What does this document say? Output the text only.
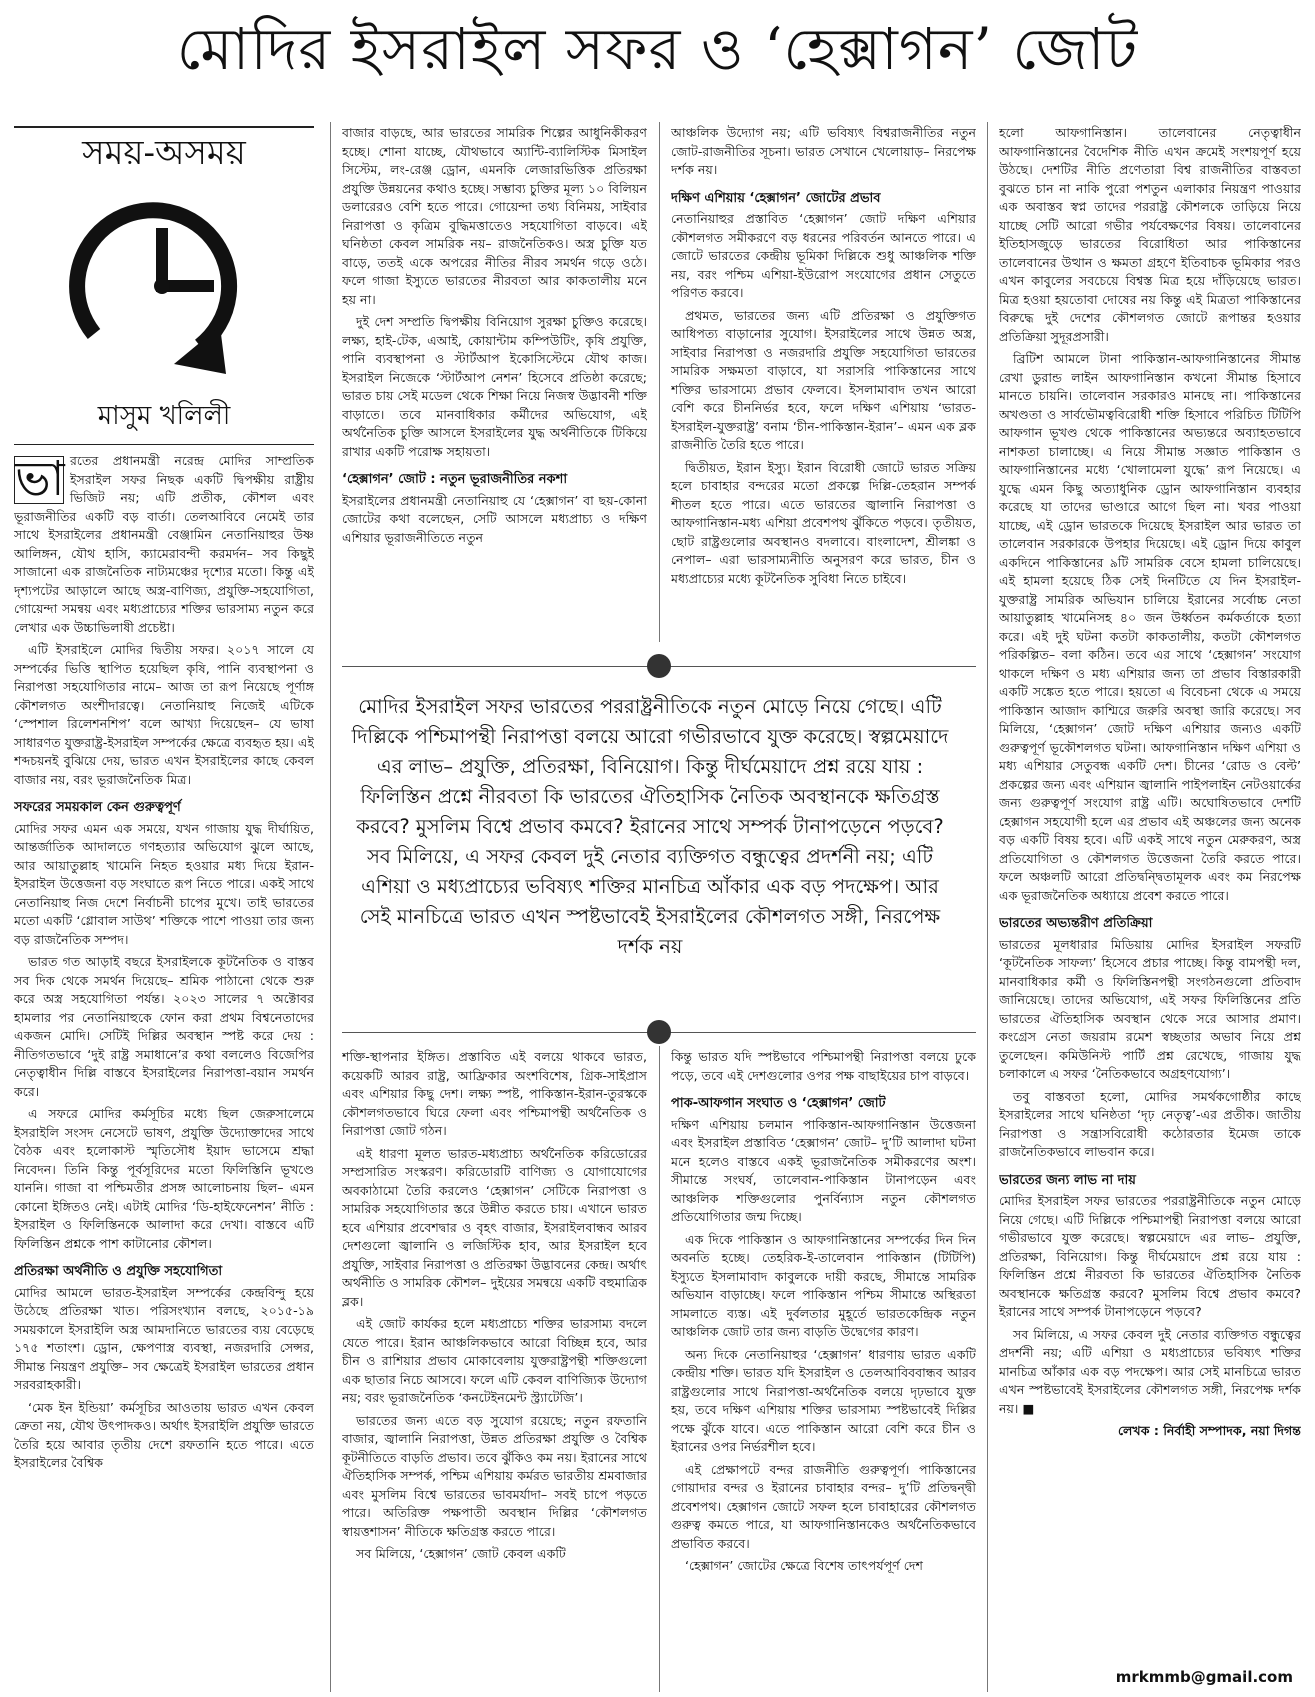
মোদির ইসরাইল সফর ও ‘হেক্সাগন’ জোট
সময়-অসময়
মাসুম খলিলী
ভা রতের প্রধানমন্ত্রী নরেন্দ্র মোদির সাম্প্রতিক ইসরাইল সফর নিছক একটি দ্বিপক্ষীয় রাষ্ট্রীয় ভিজিট নয়; এটি প্রতীক, কৌশল এবং ভূরাজনীতির একটি বড় বার্তা। তেলআবিবে নেমেই তার সাথে ইসরাইলের প্রধানমন্ত্রী বেঞ্জামিন নেতানিয়াহুর উষ্ণ আলিঙ্গন, যৌথ হাসি, ক্যামেরাবন্দী করমর্দন– সব কিছুই সাজানো এক রাজনৈতিক নাট্যমঞ্চের দৃশ্যের মতো। কিন্তু এই দৃশ্যপটের আড়ালে আছে অস্ত্র-বাণিজ্য, প্রযুক্তি-সহযোগিতা, গোয়েন্দা সমন্বয় এবং মধ্যপ্রাচ্যের শক্তির ভারসাম্য নতুন করে লেখার এক উচ্চাভিলাষী প্রচেষ্টা।

এটি ইসরাইলে মোদির দ্বিতীয় সফর। ২০১৭ সালে যে সম্পর্কের ভিত্তি স্থাপিত হয়েছিল কৃষি, পানি ব্যবস্থাপনা ও নিরাপত্তা সহযোগিতার নামে– আজ তা রূপ নিয়েছে পূর্ণাঙ্গ কৌশলগত অংশীদারত্বে। নেতানিয়াহু নিজেই এটিকে ‘স্পেশাল রিলেশনশিপ’ বলে আখ্যা দিয়েছেন– যে ভাষা সাধারণত যুক্তরাষ্ট্র-ইসরাইল সম্পর্কের ক্ষেত্রে ব্যবহৃত হয়। এই শব্দচয়নই বুঝিয়ে দেয়, ভারত এখন ইসরাইলের কাছে কেবল বাজার নয়, বরং ভূরাজনৈতিক মিত্র।

সফরের সময়কাল কেন গুরুত্বপূর্ণ

মোদির সফর এমন এক সময়ে, যখন গাজায় যুদ্ধ দীর্ঘায়িত, আন্তর্জাতিক আদালতে গণহত্যার অভিযোগ ঝুলে আছে, আর আয়াতুল্লাহ খামেনি নিহত হওয়ার মধ্য দিয়ে ইরান-ইসরাইল উত্তেজনা বড় সংঘাতে রূপ নিতে পারে। একই সাথে নেতানিয়াহু নিজ দেশে নির্বাচনী চাপের মুখে। তাই ভারতের মতো একটি ‘গ্লোবাল সাউথ’ শক্তিকে পাশে পাওয়া তার জন্য বড় রাজনৈতিক সম্পদ।

ভারত গত আড়াই বছরে ইসরাইলকে কূটনৈতিক ও বাস্তব সব দিক থেকে সমর্থন দিয়েছে– শ্রমিক পাঠানো থেকে শুরু করে অস্ত্র সহযোগিতা পর্যন্ত। ২০২৩ সালের ৭ অক্টোবর হামলার পর নেতানিয়াহুকে ফোন করা প্রথম বিশ্বনেতাদের একজন মোদি। সেটিই দিল্লির অবস্থান স্পষ্ট করে দেয় : নীতিগতভাবে ‘দুই রাষ্ট্র সমাধানে’র কথা বললেও বিজেপির নেতৃত্বাধীন দিল্লি বাস্তবে ইসরাইলের নিরাপত্তা-বয়ান সমর্থন করে।

এ সফরে মোদির কর্মসূচির মধ্যে ছিল জেরুসালেমে ইসরাইলি সংসদ নেসেটে ভাষণ, প্রযুক্তি উদ্যোক্তাদের সাথে বৈঠক এবং হলোকাস্ট স্মৃতিসৌধ ইয়াদ ভাসেমে শ্রদ্ধা নিবেদন। তিনি কিন্তু পূর্বসূরিদের মতো ফিলিস্তিনি ভূখণ্ডে যাননি। গাজা বা পশ্চিমতীর প্রসঙ্গ আলোচনায় ছিল– এমন কোনো ইঙ্গিতও নেই। এটাই মোদির ‘ডি-হাইফেনেশন’ নীতি : ইসরাইল ও ফিলিস্তিনকে আলাদা করে দেখা। বাস্তবে এটি ফিলিস্তিন প্রশ্নকে পাশ কাটানোর কৌশল।

প্রতিরক্ষা অর্থনীতি ও প্রযুক্তি সহযোগিতা

মোদির আমলে ভারত-ইসরাইল সম্পর্কের কেন্দ্রবিন্দু হয়ে উঠেছে প্রতিরক্ষা খাত। পরিসংখ্যান বলছে, ২০১৫-১৯ সময়কালে ইসরাইলি অস্ত্র আমদানিতে ভারতের ব্যয় বেড়েছে ১৭৫ শতাংশ। ড্রোন, ক্ষেপণাস্ত্র ব্যবস্থা, নজরদারি সেন্সর, সীমান্ত নিয়ন্ত্রণ প্রযুক্তি– সব ক্ষেত্রেই ইসরাইল ভারতের প্রধান সরবরাহকারী।

‘মেক ইন ইন্ডিয়া’ কর্মসূচির আওতায় ভারত এখন কেবল ক্রেতা নয়, যৌথ উৎপাদকও। অর্থাৎ ইসরাইলি প্রযুক্তি ভারতে তৈরি হয়ে আবার তৃতীয় দেশে রফতানি হতে পারে। এতে ইসরাইলের বৈশ্বিক

বাজার বাড়ছে, আর ভারতের সামরিক শিল্পের আধুনিকীকরণ হচ্ছে। শোনা যাচ্ছে, যৌথভাবে অ্যান্টি-ব্যালিস্টিক মিসাইল সিস্টেম, লং-রেঞ্জ ড্রোন, এমনকি লেজারভিত্তিক প্রতিরক্ষা প্রযুক্তি উন্নয়নের কথাও হচ্ছে। সম্ভাব্য চুক্তির মূল্য ১০ বিলিয়ন ডলারেরও বেশি হতে পারে। গোয়েন্দা তথ্য বিনিময়, সাইবার নিরাপত্তা ও কৃত্রিম বুদ্ধিমত্তাতেও সহযোগিতা বাড়বে। এই ঘনিষ্ঠতা কেবল সামরিক নয়– রাজনৈতিকও। অস্ত্র চুক্তি যত বাড়ে, ততই একে অপরের নীতির নীরব সমর্থন গড়ে ওঠে। ফলে গাজা ইস্যুতে ভারতের নীরবতা আর কাকতালীয় মনে হয় না।

দুই দেশ সম্প্রতি দ্বিপক্ষীয় বিনিয়োগ সুরক্ষা চুক্তিও করেছে। লক্ষ্য, হাই-টেক, এআই, কোয়ান্টাম কম্পিউটিং, কৃষি প্রযুক্তি, পানি ব্যবস্থাপনা ও স্টার্টআপ ইকোসিস্টেমে যৌথ কাজ। ইসরাইল নিজেকে ‘স্টার্টআপ নেশন’ হিসেবে প্রতিষ্ঠা করেছে; ভারত চায় সেই মডেল থেকে শিক্ষা নিয়ে নিজস্ব উদ্ভাবনী শক্তি বাড়াতে। তবে মানবাধিকার কর্মীদের অভিযোগ, এই অর্থনৈতিক চুক্তি আসলে ইসরাইলের যুদ্ধ অর্থনীতিকে টিকিয়ে রাখার একটি পরোক্ষ সহায়তা।

‘হেক্সাগন’ জোট : নতুন ভূরাজনীতির নকশা

ইসরাইলের প্রধানমন্ত্রী নেতানিয়াহু যে ‘হেক্সাগন’ বা ছয়-কোনা জোটের কথা বলেছেন, সেটি আসলে মধ্যপ্রাচ্য ও দক্ষিণ এশিয়ার ভূরাজনীতিতে নতুন

আঞ্চলিক উদ্যোগ নয়; এটি ভবিষ্যৎ বিশ্বরাজনীতির নতুন জোট-রাজনীতির সূচনা। ভারত সেখানে খেলোয়াড়– নিরপেক্ষ দর্শক নয়।

দক্ষিণ এশিয়ায় ‘হেক্সাগন’ জোটের প্রভাব

নেতানিয়াহুর প্রস্তাবিত ‘হেক্সাগন’ জোট দক্ষিণ এশিয়ার কৌশলগত সমীকরণে বড় ধরনের পরিবর্তন আনতে পারে। এ জোটে ভারতের কেন্দ্রীয় ভূমিকা দিল্লিকে শুধু আঞ্চলিক শক্তি নয়, বরং পশ্চিম এশিয়া-ইউরোপ সংযোগের প্রধান সেতুতে পরিণত করবে।

প্রথমত, ভারতের জন্য এটি প্রতিরক্ষা ও প্রযুক্তিগত আধিপত্য বাড়ানোর সুযোগ। ইসরাইলের সাথে উন্নত অস্ত্র, সাইবার নিরাপত্তা ও নজরদারি প্রযুক্তি সহযোগিতা ভারতের সামরিক সক্ষমতা বাড়াবে, যা সরাসরি পাকিস্তানের সাথে শক্তির ভারসাম্যে প্রভাব ফেলবে। ইসলামাবাদ তখন আরো বেশি করে চীননির্ভর হবে, ফলে দক্ষিণ এশিয়ায় ‘ভারত-ইসরাইল-যুক্তরাষ্ট্র’ বনাম ‘চীন-পাকিস্তান-ইরান’– এমন এক ব্লক রাজনীতি তৈরি হতে পারে।

দ্বিতীয়ত, ইরান ইস্যু। ইরান বিরোধী জোটে ভারত সক্রিয় হলে চাবাহার বন্দরের মতো প্রকল্পে দিল্লি-তেহরান সম্পর্ক শীতল হতে পারে। এতে ভারতের জ্বালানি নিরাপত্তা ও আফগানিস্তান-মধ্য এশিয়া প্রবেশপথ ঝুঁকিতে পড়বে। তৃতীয়ত, ছোট রাষ্ট্রগুলোর অবস্থানও বদলাবে। বাংলাদেশ, শ্রীলঙ্কা ও নেপাল– এরা ভারসাম্যনীতি অনুসরণ করে ভারত, চীন ও মধ্যপ্রাচ্যের মধ্যে কূটনৈতিক সুবিধা নিতে চাইবে।

মোদির ইসরাইল সফর ভারতের পররাষ্ট্রনীতিকে নতুন মোড়ে নিয়ে গেছে। এটি দিল্লিকে পশ্চিমাপন্থী নিরাপত্তা বলয়ে আরো গভীরভাবে যুক্ত করেছে। স্বল্পমেয়াদে এর লাভ– প্রযুক্তি, প্রতিরক্ষা, বিনিয়োগ। কিন্তু দীর্ঘমেয়াদে প্রশ্ন রয়ে যায় : ফিলিস্তিন প্রশ্নে নীরবতা কি ভারতের ঐতিহাসিক নৈতিক অবস্থানকে ক্ষতিগ্রস্ত করবে? মুসলিম বিশ্বে প্রভাব কমবে? ইরানের সাথে সম্পর্ক টানাপড়েনে পড়বে? সব মিলিয়ে, এ সফর কেবল দুই নেতার ব্যক্তিগত বন্ধুত্বের প্রদর্শনী নয়; এটি এশিয়া ও মধ্যপ্রাচ্যের ভবিষ্যৎ শক্তির মানচিত্র আঁকার এক বড় পদক্ষেপ। আর সেই মানচিত্রে ভারত এখন স্পষ্টভাবেই ইসরাইলের কৌশলগত সঙ্গী, নিরপেক্ষ দর্শক নয়

শক্তি-স্থাপনার ইঙ্গিত। প্রস্তাবিত এই বলয়ে থাকবে ভারত, কয়েকটি আরব রাষ্ট্র, আফ্রিকার অংশবিশেষ, গ্রিক-সাইপ্রাস এবং এশিয়ার কিছু দেশ। লক্ষ্য স্পষ্ট, পাকিস্তান-ইরান-তুরস্ককে কৌশলগতভাবে ঘিরে ফেলা এবং পশ্চিমাপন্থী অর্থনৈতিক ও নিরাপত্তা জোট গঠন।

এই ধারণা মূলত ভারত-মধ্যপ্রাচ্য অর্থনৈতিক করিডোরের সম্প্রসারিত সংস্করণ। করিডোরটি বাণিজ্য ও যোগাযোগের অবকাঠামো তৈরি করলেও ‘হেক্সাগন’ সেটিকে নিরাপত্তা ও সামরিক সহযোগিতার স্তরে উন্নীত করতে চায়। এখানে ভারত হবে এশিয়ার প্রবেশদ্বার ও বৃহৎ বাজার, ইসরাইলবান্ধব আরব দেশগুলো জ্বালানি ও লজিস্টিক হাব, আর ইসরাইল হবে প্রযুক্তি, সাইবার নিরাপত্তা ও প্রতিরক্ষা উদ্ভাবনের কেন্দ্র। অর্থাৎ অর্থনীতি ও সামরিক কৌশল– দুইয়ের সমন্বয়ে একটি বহুমাত্রিক ব্লক।

এই জোট কার্যকর হলে মধ্যপ্রাচ্যে শক্তির ভারসাম্য বদলে যেতে পারে। ইরান আঞ্চলিকভাবে আরো বিচ্ছিন্ন হবে, আর চীন ও রাশিয়ার প্রভাব মোকাবেলায় যুক্তরাষ্ট্রপন্থী শক্তিগুলো এক ছাতার নিচে আসবে। ফলে এটি কেবল বাণিজ্যিক উদ্যোগ নয়; বরং ভূরাজনৈতিক ‘কনটেইনমেন্ট স্ট্র্যাটেজি’।

ভারতের জন্য এতে বড় সুযোগ রয়েছে; নতুন রফতানি বাজার, জ্বালানি নিরাপত্তা, উন্নত প্রতিরক্ষা প্রযুক্তি ও বৈশ্বিক কূটনীতিতে বাড়তি প্রভাব। তবে ঝুঁকিও কম নয়। ইরানের সাথে ঐতিহাসিক সম্পর্ক, পশ্চিম এশিয়ায় কর্মরত ভারতীয় শ্রমবাজার এবং মুসলিম বিশ্বে ভারতের ভাবমর্যাদা– সবই চাপে পড়তে পারে। অতিরিক্ত পক্ষপাতী অবস্থান দিল্লির ‘কৌশলগত স্বায়ত্তশাসন’ নীতিকে ক্ষতিগ্রস্ত করতে পারে।

সব মিলিয়ে, ‘হেক্সাগন’ জোট কেবল একটি

কিন্তু ভারত যদি স্পষ্টভাবে পশ্চিমাপন্থী নিরাপত্তা বলয়ে ঢুকে পড়ে, তবে এই দেশগুলোর ওপর পক্ষ বাছাইয়ের চাপ বাড়বে।

পাক-আফগান সংঘাত ও ‘হেক্সাগন’ জোট

দক্ষিণ এশিয়ায় চলমান পাকিস্তান-আফগানিস্তান উত্তেজনা এবং ইসরাইল প্রস্তাবিত ‘হেক্সাগন’ জোট– দু’টি আলাদা ঘটনা মনে হলেও বাস্তবে একই ভূরাজনৈতিক সমীকরণের অংশ। সীমান্তে সংঘর্ষ, তালেবান-পাকিস্তান টানাপড়েন এবং আঞ্চলিক শক্তিগুলোর পুনর্বিন্যাস নতুন কৌশলগত প্রতিযোগিতার জন্ম দিচ্ছে।

এক দিকে পাকিস্তান ও আফগানিস্তানের সম্পর্কের দিন দিন অবনতি হচ্ছে। তেহরিক-ই-তালেবান পাকিস্তান (টিটিপি) ইস্যুতে ইসলামাবাদ কাবুলকে দায়ী করছে, সীমান্তে সামরিক অভিযান বাড়াচ্ছে। ফলে পাকিস্তান পশ্চিম সীমান্তে অস্থিরতা সামলাতে ব্যস্ত। এই দুর্বলতার মুহূর্তে ভারতকেন্দ্রিক নতুন আঞ্চলিক জোট তার জন্য বাড়তি উদ্বেগের কারণ।

অন্য দিকে নেতানিয়াহুর ‘হেক্সাগন’ ধারণায় ভারত একটি কেন্দ্রীয় শক্তি। ভারত যদি ইসরাইল ও তেলআবিববান্ধব আরব রাষ্ট্রগুলোর সাথে নিরাপত্তা-অর্থনৈতিক বলয়ে দৃঢ়ভাবে যুক্ত হয়, তবে দক্ষিণ এশিয়ায় শক্তির ভারসাম্য স্পষ্টভাবেই দিল্লির পক্ষে ঝুঁকে যাবে। এতে পাকিস্তান আরো বেশি করে চীন ও ইরানের ওপর নির্ভরশীল হবে।

এই প্রেক্ষাপটে বন্দর রাজনীতি গুরুত্বপূর্ণ। পাকিস্তানের গোয়াদার বন্দর ও ইরানের চাবাহার বন্দর– দু’টি প্রতিদ্বন্দ্বী প্রবেশপথ। হেক্সাগন জোটে সফল হলে চাবাহারের কৌশলগত গুরুত্ব কমতে পারে, যা আফগানিস্তানকেও অর্থনৈতিকভাবে প্রভাবিত করবে।

‘হেক্সাগন’ জোটের ক্ষেত্রে বিশেষ তাৎপর্যপূর্ণ দেশ

হলো আফগানিস্তান। তালেবানের নেতৃত্বাধীন আফগানিস্তানের বৈদেশিক নীতি এখন ক্রমেই সংশয়পূর্ণ হয়ে উঠছে। দেশটির নীতি প্রণেতারা বিশ্ব রাজনীতির বাস্তবতা বুঝতে চান না নাকি পুরো পশতুন এলাকার নিয়ন্ত্রণ পাওয়ার এক অবাস্তব স্বপ্ন তাদের পররাষ্ট্র কৌশলকে তাড়িয়ে নিয়ে যাচ্ছে সেটি আরো গভীর পর্যবেক্ষণের বিষয়। তালেবানের ইতিহাসজুড়ে ভারতের বিরোধিতা আর পাকিস্তানের তালেবানের উত্থান ও ক্ষমতা গ্রহণে ইতিবাচক ভূমিকার পরও এখন কাবুলের সবচেয়ে বিশ্বস্ত মিত্র হয়ে দাঁড়িয়েছে ভারত। মিত্র হওয়া হয়তোবা দোষের নয় কিন্তু এই মিত্রতা পাকিস্তানের বিরুদ্ধে দুই দেশের কৌশলগত জোটে রূপান্তর হওয়ার প্রতিক্রিয়া সুদূরপ্রসারী।

ব্রিটিশ আমলে টানা পাকিস্তান-আফগানিস্তানের সীমান্ত রেখা ডুরান্ড লাইন আফগানিস্তান কখনো সীমান্ত হিসাবে মানতে চায়নি। তালেবান সরকারও মানছে না। পাকিস্তানের অখণ্ডতা ও সার্বভৌমত্ববিরোধী শক্তি হিসাবে পরিচিত টিটিপি আফগান ভূখণ্ড থেকে পাকিস্তানের অভ্যন্তরে অব্যাহতভাবে নাশকতা চালাচ্ছে। এ নিয়ে সীমান্ত সজ্ঞাত পাকিস্তান ও আফগানিস্তানের মধ্যে ‘খোলামেলা যুদ্ধে’ রূপ নিয়েছে। এ যুদ্ধে এমন কিছু অত্যাধুনিক ড্রোন আফগানিস্তান ব্যবহার করেছে যা তাদের ভাণ্ডারে আগে ছিল না। খবর পাওয়া যাচ্ছে, এই ড্রোন ভারতকে দিয়েছে ইসরাইল আর ভারত তা তালেবান সরকারকে উপহার দিয়েছে। এই ড্রোন দিয়ে কাবুল একদিনে পাকিস্তানের ৯টি সামরিক বেসে হামলা চালিয়েছে। এই হামলা হয়েছে ঠিক সেই দিনটিতে যে দিন ইসরাইল-যুক্তরাষ্ট্র সামরিক অভিযান চালিয়ে ইরানের সর্বোচ্চ নেতা আয়াতুল্লাহ খামেনিসহ ৪০ জন উর্ধ্বতন কর্মকর্তাকে হত্যা করে। এই দুই ঘটনা কতটা কাকতালীয়, কতটা কৌশলগত পরিকল্পিত– বলা কঠিন। তবে এর সাথে ‘হেক্সাগন’ সংযোগ থাকলে দক্ষিণ ও মধ্য এশিয়ার জন্য তা প্রভাব বিস্তারকারী একটি সঙ্কেত হতে পারে। হয়তো এ বিবেচনা থেকে এ সময়ে পাকিস্তান আজাদ কাশ্মিরে জরুরি অবস্থা জারি করেছে। সব মিলিয়ে, ‘হেক্সাগন’ জোট দক্ষিণ এশিয়ার জন্যও একটি গুরুত্বপূর্ণ ভূকৌশলগত ঘটনা। আফগানিস্তান দক্ষিণ এশিয়া ও মধ্য এশিয়ার সেতুবন্ধ একটি দেশ। চীনের ‘রোড ও বেল্ট’ প্রকল্পের জন্য এবং এশিয়ান জ্বালানি পাইপলাইন নেটওয়ার্কের জন্য গুরুত্বপূর্ণ সংযোগ রাষ্ট্র এটি। অঘোষিতভাবে দেশটি হেক্সাগন সহযোগী হলে এর প্রভাব এই অঞ্চলের জন্য অনেক বড় একটি বিষয় হবে। এটি একই সাথে নতুন মেরুকরণ, অস্ত্র প্রতিযোগিতা ও কৌশলগত উত্তেজনা তৈরি করতে পারে। ফলে অঞ্চলটি আরো প্রতিদ্বন্দ্বিতামূলক এবং কম নিরপেক্ষ এক ভূরাজনৈতিক অধ্যায়ে প্রবেশ করতে পারে।

ভারতের অভ্যন্তরীণ প্রতিক্রিয়া

ভারতের মূলধারার মিডিয়ায় মোদির ইসরাইল সফরটি ‘কূটনৈতিক সাফল্য’ হিসেবে প্রচার পাচ্ছে। কিন্তু বামপন্থী দল, মানবাধিকার কর্মী ও ফিলিস্তিনপন্থী সংগঠনগুলো প্রতিবাদ জানিয়েছে। তাদের অভিযোগ, এই সফর ফিলিস্তিনের প্রতি ভারতের ঐতিহাসিক অবস্থান থেকে সরে আসার প্রমাণ। কংগ্রেস নেতা জয়রাম রমেশ স্বচ্ছতার অভাব নিয়ে প্রশ্ন তুলেছেন। কমিউনিস্ট পার্টি প্রশ্ন রেখেছে, গাজায় যুদ্ধ চলাকালে এ সফর ‘নৈতিকভাবে অগ্রহণযোগ্য’।

তবু বাস্তবতা হলো, মোদির সমর্থকগোষ্ঠীর কাছে ইসরাইলের সাথে ঘনিষ্ঠতা ‘দৃঢ় নেতৃত্ব’-এর প্রতীক। জাতীয় নিরাপত্তা ও সন্ত্রাসবিরোধী কঠোরতার ইমেজ তাকে রাজনৈতিকভাবে লাভবান করে।

ভারতের জন্য লাভ না দায়

মোদির ইসরাইল সফর ভারতের পররাষ্ট্রনীতিকে নতুন মোড়ে নিয়ে গেছে। এটি দিল্লিকে পশ্চিমাপন্থী নিরাপত্তা বলয়ে আরো গভীরভাবে যুক্ত করেছে। স্বল্পমেয়াদে এর লাভ– প্রযুক্তি, প্রতিরক্ষা, বিনিয়োগ। কিন্তু দীর্ঘমেয়াদে প্রশ্ন রয়ে যায় : ফিলিস্তিন প্রশ্নে নীরবতা কি ভারতের ঐতিহাসিক নৈতিক অবস্থানকে ক্ষতিগ্রস্ত করবে? মুসলিম বিশ্বে প্রভাব কমবে? ইরানের সাথে সম্পর্ক টানাপড়েনে পড়বে?

সব মিলিয়ে, এ সফর কেবল দুই নেতার ব্যক্তিগত বন্ধুত্বের প্রদর্শনী নয়; এটি এশিয়া ও মধ্যপ্রাচ্যের ভবিষ্যৎ শক্তির মানচিত্র আঁকার এক বড় পদক্ষেপ। আর সেই মানচিত্রে ভারত এখন স্পষ্টভাবেই ইসরাইলের কৌশলগত সঙ্গী, নিরপেক্ষ দর্শক নয়। ■

লেখক : নির্বাহী সম্পাদক, নয়া দিগন্ত

mrkmmb@gmail.com
